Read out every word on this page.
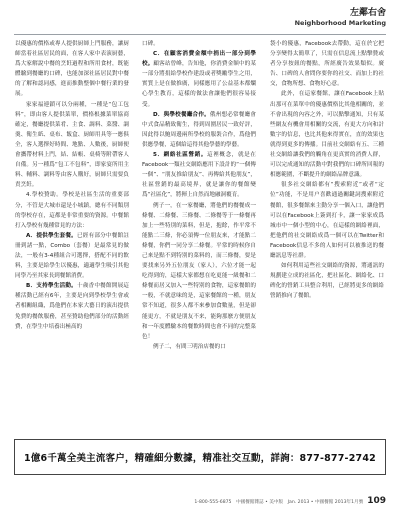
左鄰右舍
Neighborhood Marketing

以優惠的價格或專人提供厨師上門服務，讓厨師當着社區居民的面，在客人家中表演厨藝，爲大家解說中餐的烹飪過程和所用食材，既能體驗到餐廳的口碑，也能加深社區居民對中餐的了解和認同感，進而推動整個中餐行業的發展。

家家福連鎖可以分兩種，一種是“包工包料”，即由客人提供菜單，價格根據菜單協商確定，餐廳提供菜肴、主食、調料、菜醬、調羹、衛生紙、桌布、飯盒、厨師用具等一應俱全，客人選擇好時間、地點、人數後，厨師便會攜帶材料上門，結、結帳、桌椅等附帶客人自備。另一種爲“包工不包料”，即家宴所用主料、輔料、調料等由客人購好，厨師只需要負責烹飪。

4.學校贊助。學校是社區生活的重要部分，不管是大城市還是小城鎮，總有不同類別的學校存在，這都是非常重要的資源。中餐館打入學校有幾種常見的方法：

A．提供學生套餐。已經有部分中餐館註冊到諸一點，Combo（套餐）是最常見的做法，一般有3-4種組合可選擇，搭配不同的飲料，主要是給學生以優惠，適適學生吸引其他同學乃至其家長到餐館消費。

B．支持學生活動。十歲香中餐館開展這種活動已經有6年，主要是向到學校學生會或者相關組織，爲他們在本家大藝日的演出提供免費的餐飲服務，甚至贊助他們部分的活動經費，在學生中培養出極高的

口碑。

C．在顧客消費金額中捐出一部分到學校。顧客站曾峰，告知他，你消費金額中的某一部分將捐給學校作建設或者獎勵學生之用，實質上是在做推廣，同樣應用了公益基本都爛心學生教育，這樣的做法會讓他們很容易接受。

D．與學校餐廳合作。俄州想必常餐廳會中式食品精致衛生，得到周圍居民一致好評，因此得以鮑周邊兩所學校的服裝合作，爲他們供應學餐，這個給這得其他學藝的學藝。

5．網絡社區營銷。這裡概念，就是在Facebook一類社交網絡應用下設計的“一個傳一個”、“朋友推給朋友”、再傳給其他朋友”，社區營銷的最高境界，就是讓你的餐館變爲“社區化”，將揮上自然而地融洞覆育。

例子一，在一家餐廳，將他們的餐餐成一條餐、二條餐、三條餐、二條餐等于一條餐再加上一些特別的菜料，但是，抱餘，作平常不能點二三條，你必須傳一位朋友來，才能點二條餐，你們一同分享二條餐。平常的時候你自己來是點不到特別的菜料的，而三條餐，要是要找來另外五位朋友（家人），六位才能一起吃得到的，這樣大家都想在吃更能一級餐和二條餐而居又加入一些特別的食物，這家餐館的一般，不就意味的是，這家餐館的一種，朋友常不知道，很多人都不來參加食數量，但是卻能更方，不就是朋友不来，能夠那麽方便朋友和一年度體驗本的餐飲時間也會不同的完整菜色！

例子二，有間三明治店餐的口

袋小的優惠，Facebook去帶動，這在於它把分享變得太簡單了，只需在信息流上點擊贊或者分享按鈕的餐點，所經廣告效果類似。廣告、口碑的人會問你要你的社交、而加上的社交，食物所想、食物好心意。

此外，在這家餐館，讓在Facebook上貼出那可在菜單中的優惠價格比其他相關的，並不會出現的內容之外，可以點擊通知，只有某些網友有機會用相關的交流，有更大方向和計數字的信息，也比其他來得實在，直的效果也就得到更多的傳播。目前社交網絡有五、三種社交網絡讓我們的觸角在更真實的消費人群，可以完成通知的活動中對我們的口碑所回報的相應範圍，不斷提升的網絡品牌意識。

很多社交網絡都有“搜索附近”或者“定位”功能，不是用户喜歡通過關鍵詞搜索附近餐館，很多餐館來主動分享一個入口，讓他們可以在Facebook上簽到打卡，讓一家家成爲城市中一個小型的中心，在這樣的網絡裡面，把他們的社交網絡成爲一個可以在Twitter和Facebook信息不多的人如何可以被推送的餐廳訊息等社群。

如何利用這些社交網絡的資源，將通訊的規劃建立成的社區化，把社區化、網絡化、口碑化的營銷工具整合利用，已經將更多的網絡營銷推向了餐館。

1億6千萬全美主流客户，精確細分數據，精准社交互動，詳詢：877-877-2742
1-800-555-6875　中國餐館雜誌 • 美中版　Jan. 2013 • 中國餐館 2013年1月號 109
